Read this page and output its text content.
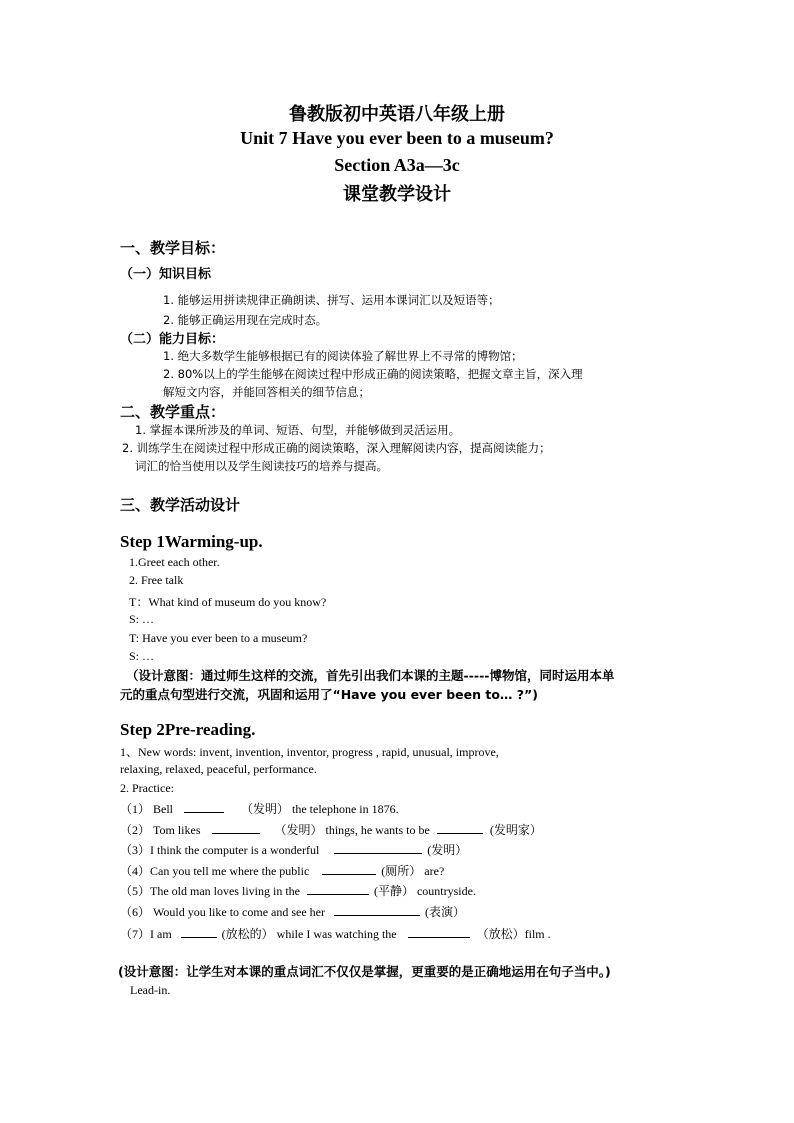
鲁教版初中英语八年级上册
Unit 7 Have you ever been to a museum?
Section A3a—3c
课堂教学设计
一、教学目标：
（一）知识目标
1. 能够运用拼读规律正确朗读、拼写、运用本课词汇以及短语等；
2. 能够正确运用现在完成时态。
（二）能力目标：
1. 绝大多数学生能够根据已有的阅读体验了解世界上不寻常的博物馆；
2. 80%以上的学生能够在阅读过程中形成正确的阅读策略，把握文章主旨，深入理
解短文内容，并能回答相关的细节信息；
二、教学重点：
1. 掌握本课所涉及的单词、短语、句型，并能够做到灵活运用。
2. 训练学生在阅读过程中形成正确的阅读策略，深入理解阅读内容，提高阅读能力；
词汇的恰当使用以及学生阅读技巧的培养与提高。
三、教学活动设计
Step 1Warming-up.
1.Greet each other.
2. Free talk
T：What kind of museum do you know?
S: …
T: Have you ever been to a museum?
S: …
（设计意图：通过师生这样的交流，首先引出我们本课的主题-----博物馆，同时运用本单
元的重点句型进行交流，巩固和运用了“Have you ever been to… ?”)
Step 2Pre-reading.
1、New words: invent, invention, inventor, progress , rapid, unusual, improve,
relaxing, relaxed, peaceful, performance.
2. Practice:
（1） Bell	（发明） the telephone in 1876.
（2） Tom likes	（发明） things, he wants to be	(发明家）
（3）I think the computer is a wonderful	(发明）
（4）Can you tell me where the public	(厕所） are?
（5）The old man loves living in the	(平静） countryside.
（6） Would you like to come and see her	(表演）
（7）I am	(放松的） while I was watching the	（放松）film .
(设计意图：让学生对本课的重点词汇不仅仅是掌握，更重要的是正确地运用在句子当中。)
Lead-in.
